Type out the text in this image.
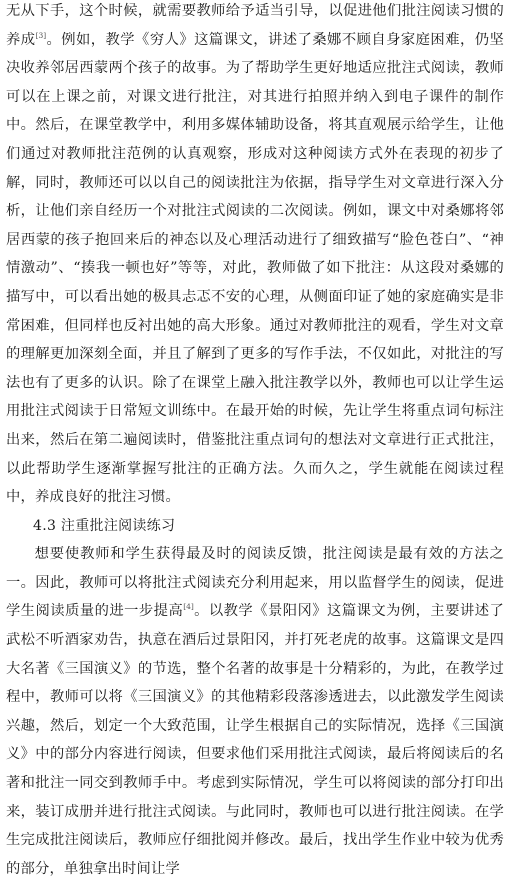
无从下手，这个时候，就需要教师给予适当引导，以促进他们批注阅读习惯的养成[3]。例如，教学《穷人》这篇课文，讲述了桑娜不顾自身家庭困难，仍坚决收养邻居西蒙两个孩子的故事。为了帮助学生更好地适应批注式阅读，教师可以在上课之前，对课文进行批注，对其进行拍照并纳入到电子课件的制作中。然后，在课堂教学中，利用多媒体辅助设备，将其直观展示给学生，让他们通过对教师批注范例的认真观察，形成对这种阅读方式外在表现的初步了解，同时，教师还可以以自己的阅读批注为依据，指导学生对文章进行深入分析，让他们亲自经历一个对批注式阅读的二次阅读。例如，课文中对桑娜将邻居西蒙的孩子抱回来后的神态以及心理活动进行了细致描写“脸色苍白”、“神情激动”、“揍我一顿也好”等等，对此，教师做了如下批注：从这段对桑娜的描写中，可以看出她的极具忐忑不安的心理，从侧面印证了她的家庭确实是非常困难，但同样也反衬出她的高大形象。通过对教师批注的观看，学生对文章的理解更加深刻全面，并且了解到了更多的写作手法，不仅如此，对批注的写法也有了更多的认识。除了在课堂上融入批注教学以外，教师也可以让学生运用批注式阅读于日常短文训练中。在最开始的时候，先让学生将重点词句标注出来，然后在第二遍阅读时，借鉴批注重点词句的想法对文章进行正式批注，以此帮助学生逐渐掌握写批注的正确方法。久而久之，学生就能在阅读过程中，养成良好的批注习惯。

4.3 注重批注阅读练习

想要使教师和学生获得最及时的阅读反馈，批注阅读是最有效的方法之一。因此，教师可以将批注式阅读充分利用起来，用以监督学生的阅读，促进学生阅读质量的进一步提高[4]。以教学《景阳冈》这篇课文为例，主要讲述了武松不听酒家劝告，执意在酒后过景阳冈，并打死老虎的故事。这篇课文是四大名著《三国演义》的节选，整个名著的故事是十分精彩的，为此，在教学过程中，教师可以将《三国演义》的其他精彩段落渗透进去，以此激发学生阅读兴趣，然后，划定一个大致范围，让学生根据自己的实际情况，选择《三国演义》中的部分内容进行阅读，但要求他们采用批注式阅读，最后将阅读后的名著和批注一同交到教师手中。考虑到实际情况，学生可以将阅读的部分打印出来，装订成册并进行批注式阅读。与此同时，教师也可以进行批注阅读。在学生完成批注阅读后，教师应仔细批阅并修改。最后，找出学生作业中较为优秀的部分，单独拿出时间让学
